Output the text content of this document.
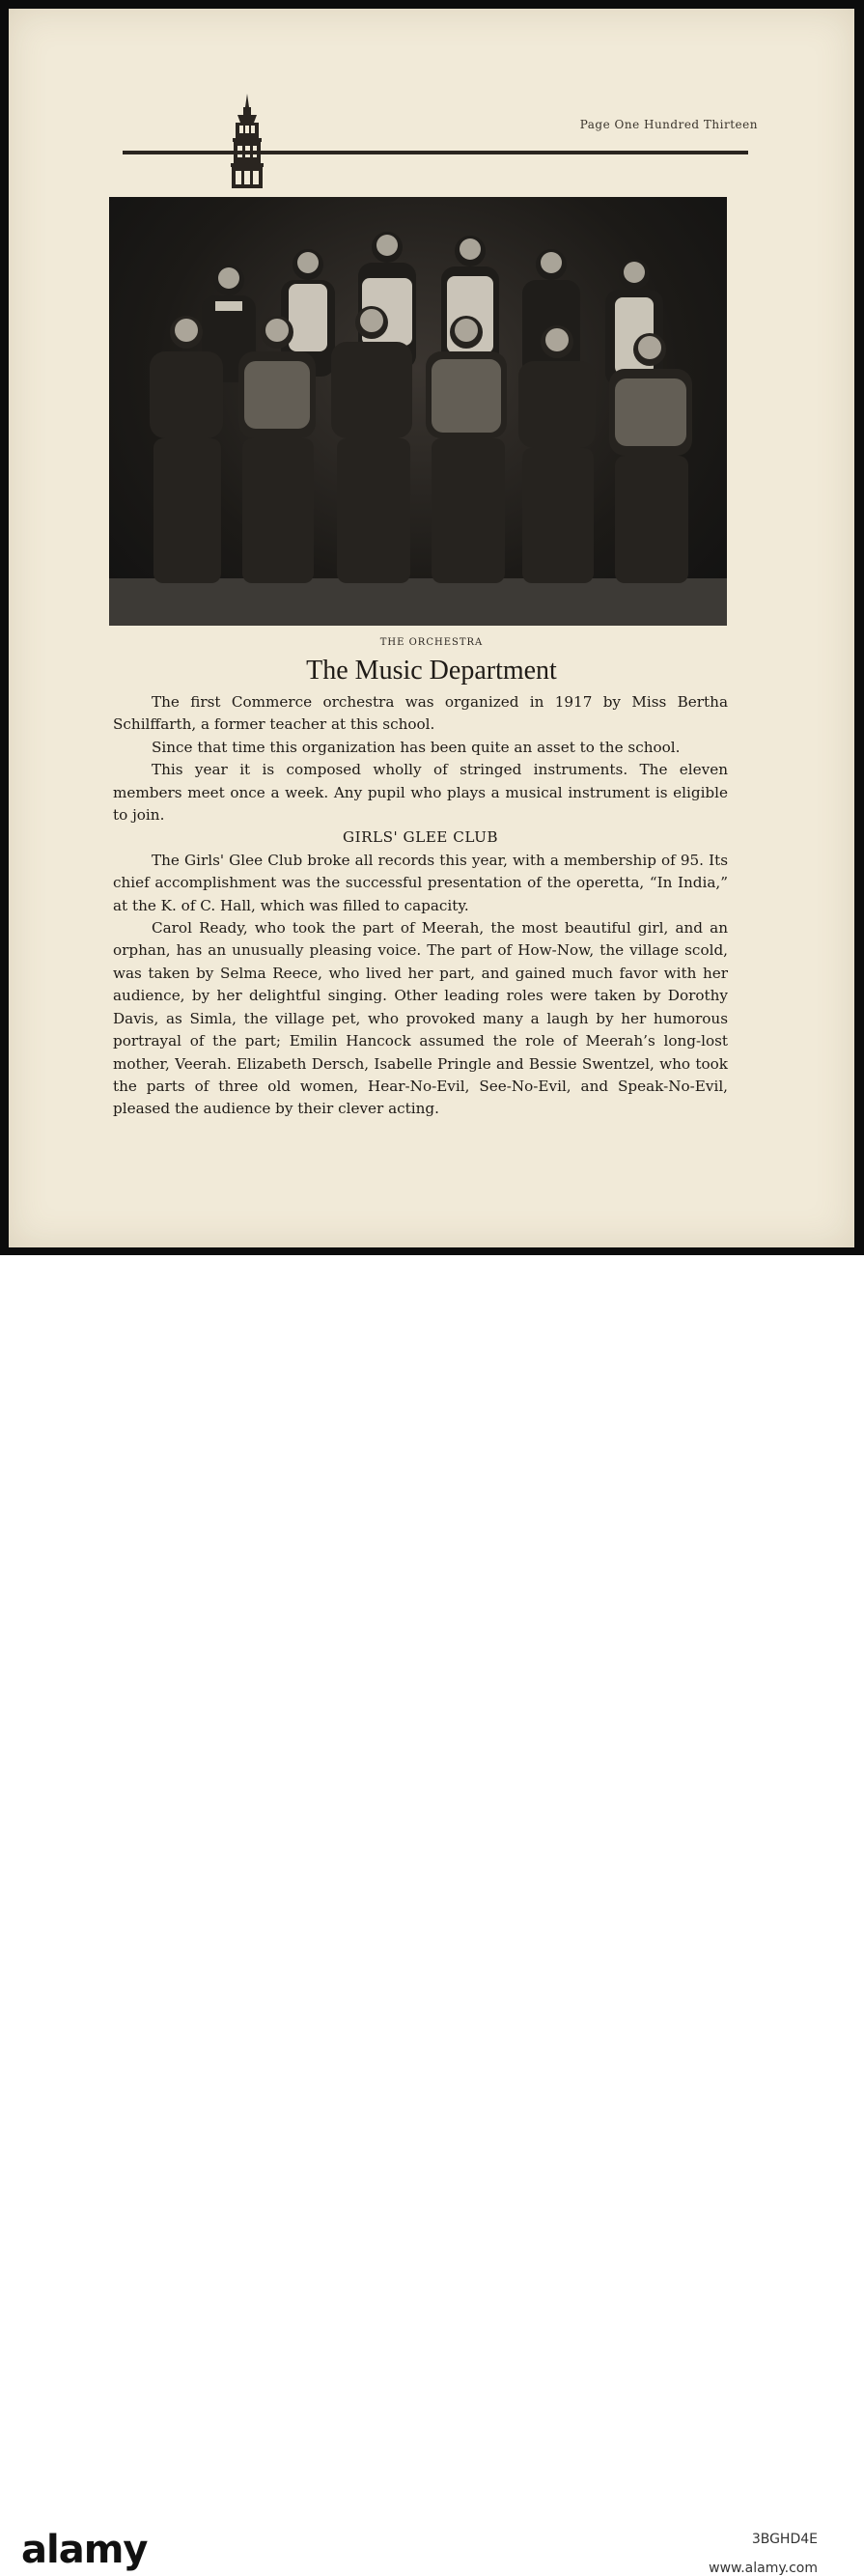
Page One Hundred Thirteen
THE ORCHESTRA
The Music Department

The first Commerce orchestra was organized in 1917 by Miss Bertha Schilffarth, a former teacher at this school.

Since that time this organization has been quite an asset to the school.

This year it is composed wholly of stringed instruments. The eleven members meet once a week. Any pupil who plays a musical instrument is eligible to join.

GIRLS' GLEE CLUB

The Girls' Glee Club broke all records this year, with a membership of 95. Its chief accomplishment was the successful presentation of the operetta, “In India,” at the K. of C. Hall, which was filled to capacity.

Carol Ready, who took the part of Meerah, the most beautiful girl, and an orphan, has an unusually pleasing voice. The part of How-Now, the village scold, was taken by Selma Reece, who lived her part, and gained much favor with her audience, by her delightful singing. Other leading roles were taken by Dorothy Davis, as Simla, the village pet, who provoked many a laugh by her humorous portrayal of the part; Emilin Hancock assumed the role of Meerah’s long-lost mother, Veerah. Elizabeth Dersch, Isabelle Pringle and Bessie Swentzel, who took the parts of three old women, Hear-No-Evil, See-No-Evil, and Speak-No-Evil, pleased the audience by their clever acting.

alamy	3BGHD4E
www.alamy.com
